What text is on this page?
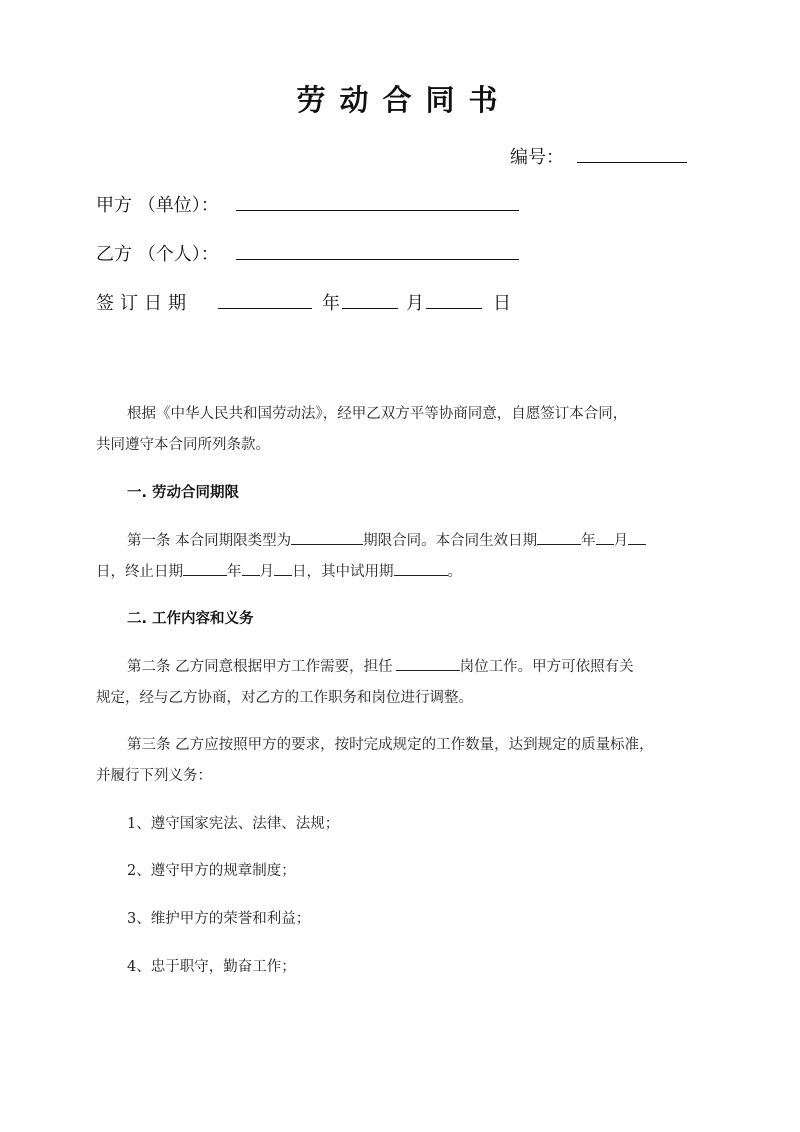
劳动合同书
编号：
甲方 （单位）：
乙方 （个人）：
签订日期	年	月	日
根据《中华人民共和国劳动法》，经甲乙双方平等协商同意，自愿签订本合同，
共同遵守本合同所列条款。
一. 劳动合同期限
第一条 本合同期限类型为	期限合同。本合同生效日期	年 月
日，终止日期	年 月 日，其中试用期	。
二. 工作内容和义务
第二条 乙方同意根据甲方工作需要，担任	岗位工作。甲方可依照有关
规定，经与乙方协商，对乙方的工作职务和岗位进行调整。
第三条 乙方应按照甲方的要求，按时完成规定的工作数量，达到规定的质量标准，
并履行下列义务：
1、遵守国家宪法、法律、法规；
2、遵守甲方的规章制度；
3、维护甲方的荣誉和利益；
4、忠于职守，勤奋工作；
